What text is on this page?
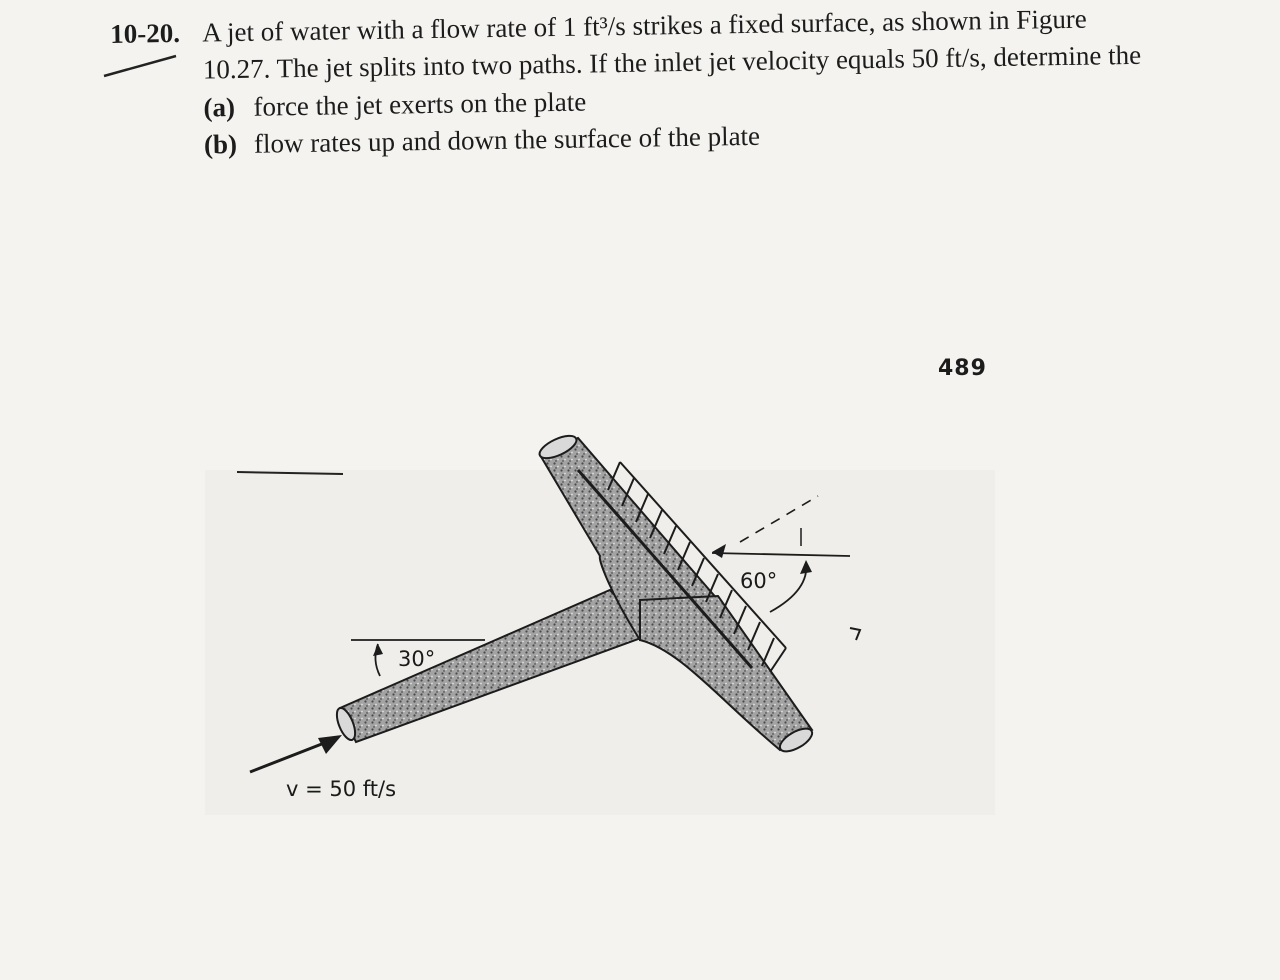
10-20. A jet of water with a flow rate of 1 ft³/s strikes a fixed surface, as shown in Figure
10.27. The jet splits into two paths. If the inlet jet velocity equals 50 ft/s, determine the
(a) force the jet exerts on the plate
(b) flow rates up and down the surface of the plate
489
30°
60°
v = 50 ft/s
